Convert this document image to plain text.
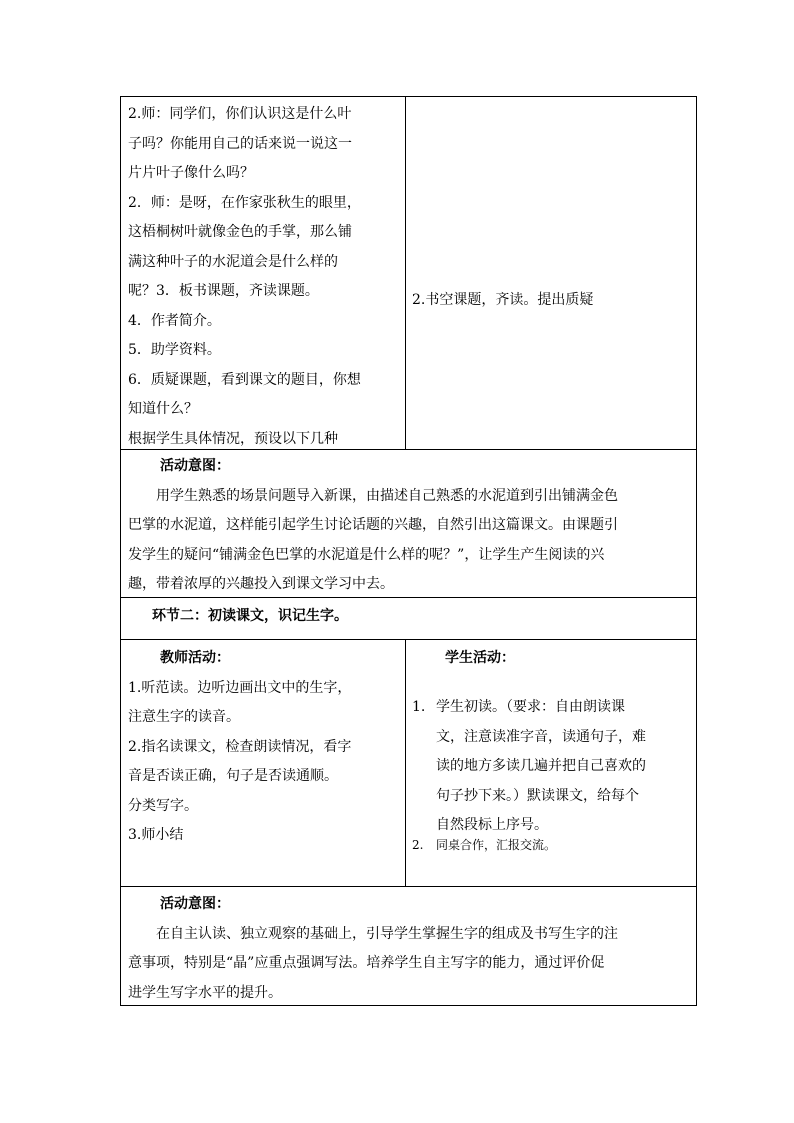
2.师：同学们，你们认识这是什么叶
子吗？你能用自己的话来说一说这一
片片叶子像什么吗？
2．师：是呀，在作家张秋生的眼里，
这梧桐树叶就像金色的手掌，那么铺
满这种叶子的水泥道会是什么样的
呢？3．板书课题，齐读课题。
4．作者简介。
5．助学资料。
6．质疑课题，看到课文的题目，你想
知道什么？
根据学生具体情况，预设以下几种
2.书空课题，齐读。提出质疑
活动意图：
用学生熟悉的场景问题导入新课，由描述自己熟悉的水泥道到引出铺满金色
巴掌的水泥道，这样能引起学生讨论话题的兴趣，自然引出这篇课文。由课题引
发学生的疑问“铺满金色巴掌的水泥道是什么样的呢？”，让学生产生阅读的兴
趣，带着浓厚的兴趣投入到课文学习中去。
环节二：初读课文，识记生字。
教师活动：
1.听范读。边听边画出文中的生字，
注意生字的读音。
2.指名读课文，检查朗读情况，看字
音是否读正确，句子是否读通顺。
分类写字。
3.师小结
学生活动：
1. 学生初读。（要求：自由朗读课
文，注意读准字音，读通句子，难
读的地方多读几遍并把自己喜欢的
句子抄下来。）默读课文，给每个
自然段标上序号。
2.	同桌合作，汇报交流。
活动意图：
在自主认读、独立观察的基础上，引导学生掌握生字的组成及书写生字的注
意事项，特别是“晶”应重点强调写法。培养学生自主写字的能力，通过评价促
进学生写字水平的提升。
